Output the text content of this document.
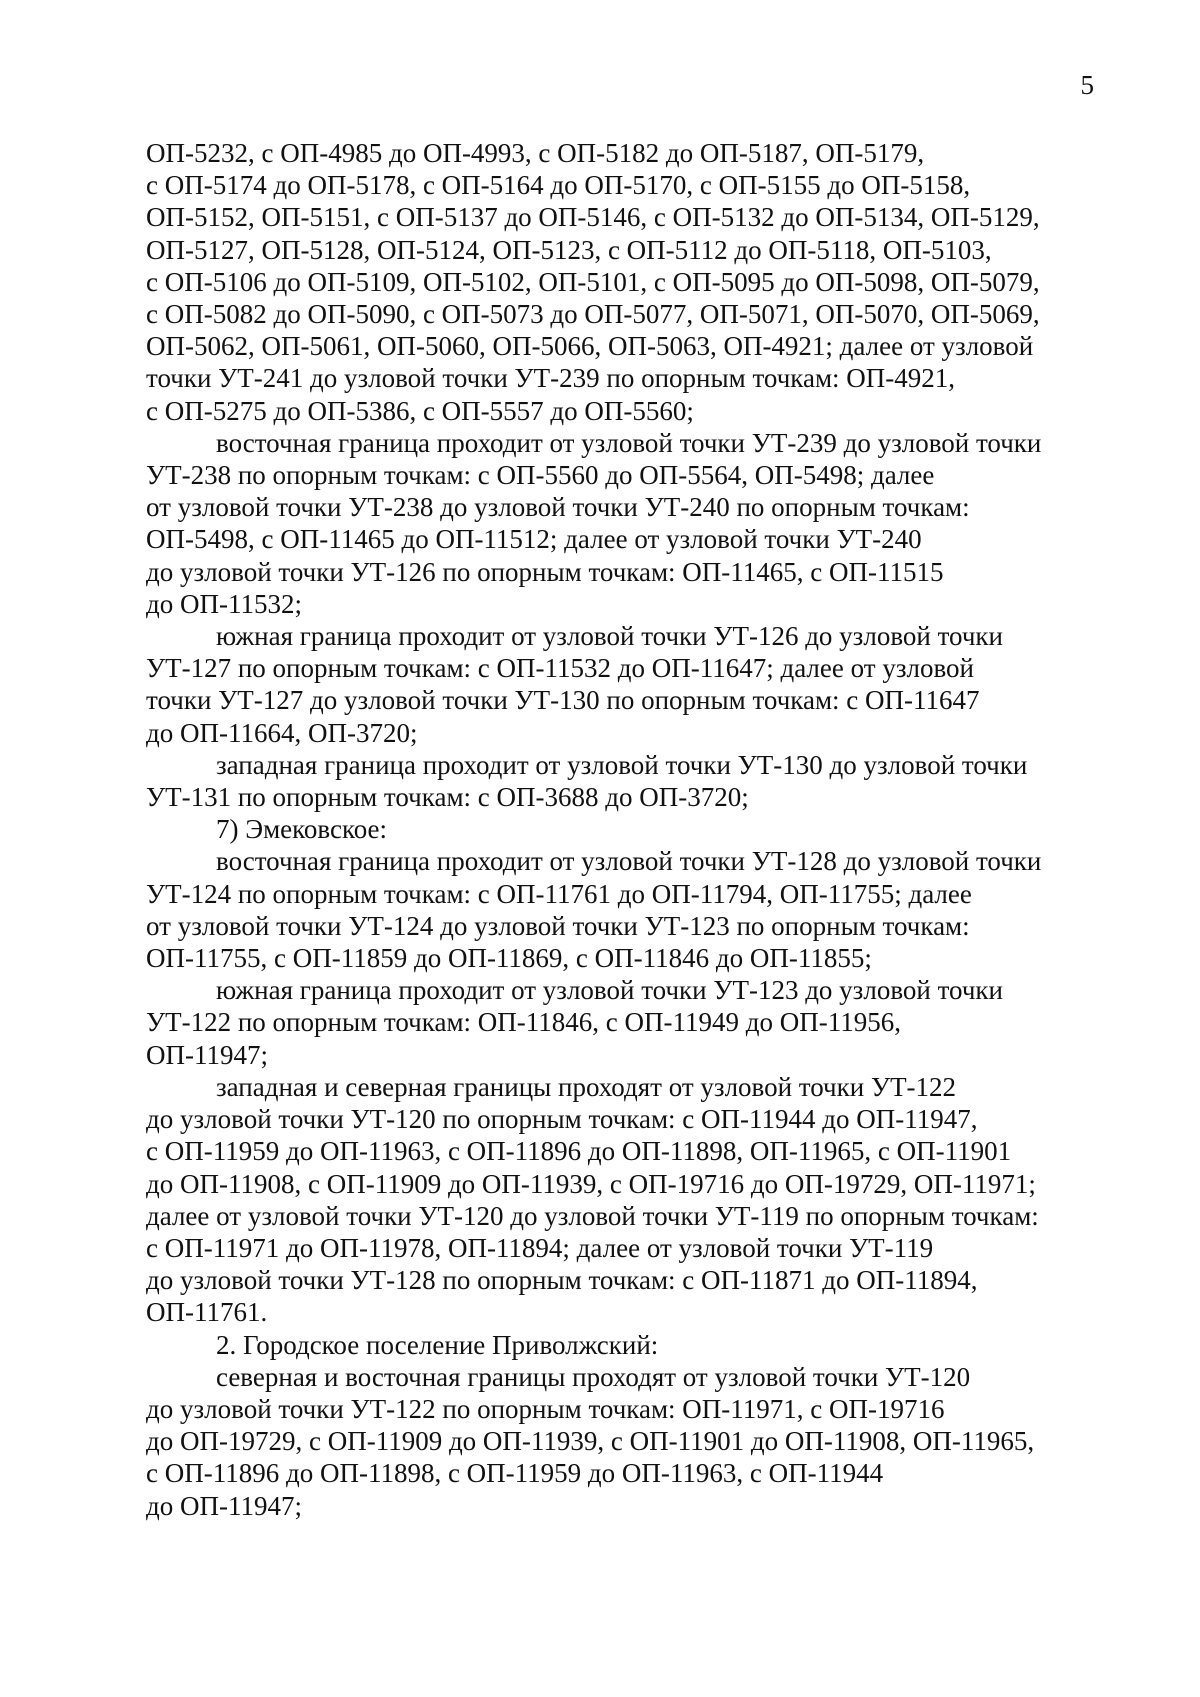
5

ОП-5232, с ОП-4985 до ОП-4993, с ОП-5182 до ОП-5187, ОП-5179,
с ОП-5174 до ОП-5178, с ОП-5164 до ОП-5170, с ОП-5155 до ОП-5158,
ОП-5152, ОП-5151, с ОП-5137 до ОП-5146, с ОП-5132 до ОП-5134, ОП-5129,
ОП-5127, ОП-5128, ОП-5124, ОП-5123, с ОП-5112 до ОП-5118, ОП-5103,
с ОП-5106 до ОП-5109, ОП-5102, ОП-5101, с ОП-5095 до ОП-5098, ОП-5079,
с ОП-5082 до ОП-5090, с ОП-5073 до ОП-5077, ОП-5071, ОП-5070, ОП-5069,
ОП-5062, ОП-5061, ОП-5060, ОП-5066, ОП-5063, ОП-4921; далее от узловой
точки УТ-241 до узловой точки УТ-239 по опорным точкам: ОП-4921,
с ОП-5275 до ОП-5386, с ОП-5557 до ОП-5560;

восточная граница проходит от узловой точки УТ-239 до узловой точки
УТ-238 по опорным точкам: с ОП-5560 до ОП-5564, ОП-5498; далее
от узловой точки УТ-238 до узловой точки УТ-240 по опорным точкам:
ОП-5498, с ОП-11465 до ОП-11512; далее от узловой точки УТ-240
до узловой точки УТ-126 по опорным точкам: ОП-11465, с ОП-11515
до ОП-11532;

южная граница проходит от узловой точки УТ-126 до узловой точки
УТ-127 по опорным точкам: с ОП-11532 до ОП-11647; далее от узловой
точки УТ-127 до узловой точки УТ-130 по опорным точкам: с ОП-11647
до ОП-11664, ОП-3720;

западная граница проходит от узловой точки УТ-130 до узловой точки
УТ-131 по опорным точкам: с ОП-3688 до ОП-3720;

7) Эмековское:

восточная граница проходит от узловой точки УТ-128 до узловой точки
УТ-124 по опорным точкам: с ОП-11761 до ОП-11794, ОП-11755; далее
от узловой точки УТ-124 до узловой точки УТ-123 по опорным точкам:
ОП-11755, с ОП-11859 до ОП-11869, с ОП-11846 до ОП-11855;

южная граница проходит от узловой точки УТ-123 до узловой точки
УТ-122 по опорным точкам: ОП-11846, с ОП-11949 до ОП-11956,
ОП-11947;

западная и северная границы проходят от узловой точки УТ-122
до узловой точки УТ-120 по опорным точкам: с ОП-11944 до ОП-11947,
с ОП-11959 до ОП-11963, с ОП-11896 до ОП-11898, ОП-11965, с ОП-11901
до ОП-11908, с ОП-11909 до ОП-11939, с ОП-19716 до ОП-19729, ОП-11971;
далее от узловой точки УТ-120 до узловой точки УТ-119 по опорным точкам:
с ОП-11971 до ОП-11978, ОП-11894; далее от узловой точки УТ-119
до узловой точки УТ-128 по опорным точкам: с ОП-11871 до ОП-11894,
ОП-11761.

2. Городское поселение Приволжский:

северная и восточная границы проходят от узловой точки УТ-120
до узловой точки УТ-122 по опорным точкам: ОП-11971, с ОП-19716
до ОП-19729, с ОП-11909 до ОП-11939, с ОП-11901 до ОП-11908, ОП-11965,
с ОП-11896 до ОП-11898, с ОП-11959 до ОП-11963, с ОП-11944
до ОП-11947;
